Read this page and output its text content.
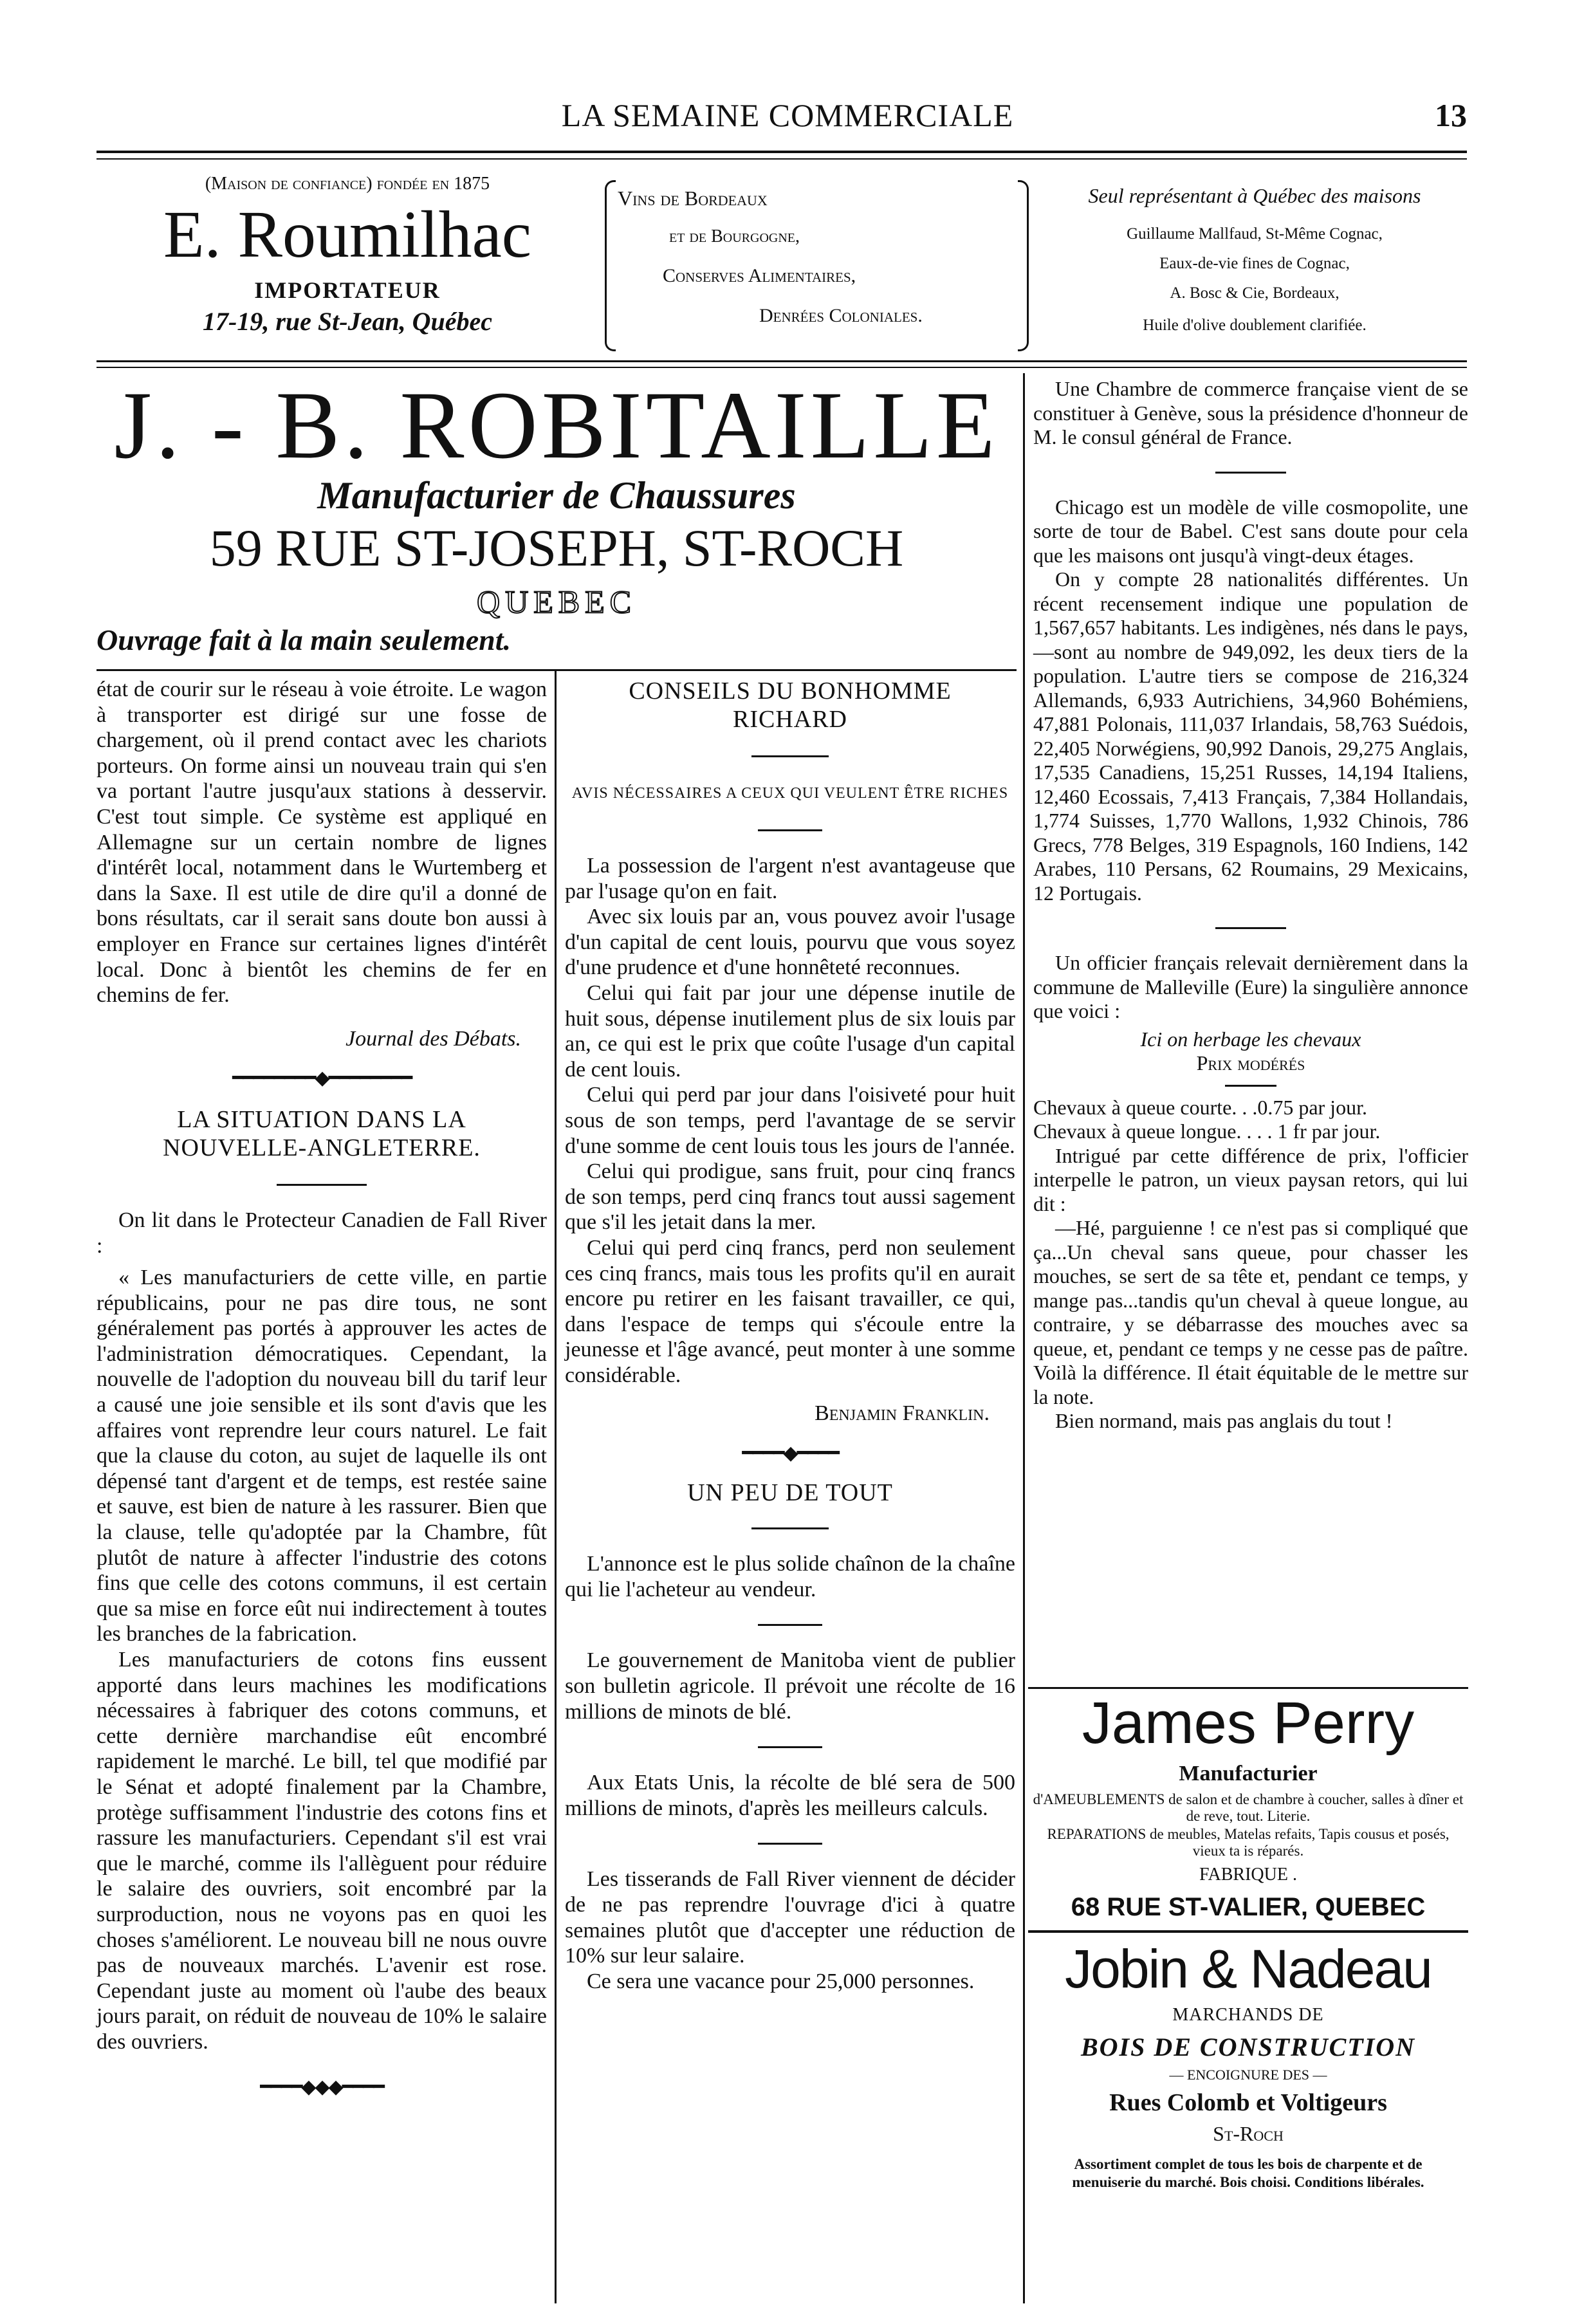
LA SEMAINE COMMERCIALE	13
(Maison de confiance) fondée en 1875
E. Roumilhac
IMPORTATEUR
17-19, rue St-Jean, Québec
Vins de Bordeaux
et de Bourgogne,
Conserves Alimentaires,
Denrées Coloniales.
Seul représentant à Québec des maisons
Guillaume Mallfaud, St-Même Cognac,
Eaux-de-vie fines de Cognac,
A. Bosc & Cie, Bordeaux,
Huile d'olive doublement clarifiée.
J. - B. ROBITAILLE
Manufacturier de Chaussures
59 RUE ST-JOSEPH, ST-ROCH
QUEBEC
Ouvrage fait à la main seulement.

état de courir sur le réseau à voie étroite. Le wagon à transporter est dirigé sur une fosse de chargement, où il prend contact avec les chariots porteurs. On forme ainsi un nouveau train qui s'en va portant l'autre jusqu'aux stations à desservir. C'est tout simple. Ce système est appliqué en Allemagne sur un certain nombre de lignes d'intérêt local, notamment dans le Wurtemberg et dans la Saxe. Il est utile de dire qu'il a donné de bons résultats, car il serait sans doute bon aussi à employer en France sur certaines lignes d'intérêt local. Donc à bientôt les chemins de fer en chemins de fer.

Journal des Débats.

━━━━━━━━◆━━━━━━━━

LA SITUATION DANS LA NOUVELLE-ANGLETERRE.

On lit dans le Protecteur Canadien de Fall River :

« Les manufacturiers de cette ville, en partie républicains, pour ne pas dire tous, ne sont généralement pas portés à approuver les actes de l'administration démocratiques. Cependant, la nouvelle de l'adoption du nouveau bill du tarif leur a causé une joie sensible et ils sont d'avis que les affaires vont reprendre leur cours naturel. Le fait que la clause du coton, au sujet de laquelle ils ont dépensé tant d'argent et de temps, est restée saine et sauve, est bien de nature à les rassurer. Bien que la clause, telle qu'adoptée par la Chambre, fût plutôt de nature à affecter l'industrie des cotons fins que celle des cotons communs, il est certain que sa mise en force eût nui indirectement à toutes les branches de la fabrication.

Les manufacturiers de cotons fins eussent apporté dans leurs machines les modifications nécessaires à fabriquer des cotons communs, et cette dernière marchandise eût encombré rapidement le marché. Le bill, tel que modifié par le Sénat et adopté finalement par la Chambre, protège suffisamment l'industrie des cotons fins et rassure les manufacturiers. Cependant s'il est vrai que le marché, comme ils l'allèguent pour réduire le salaire des ouvriers, soit encombré par la surproduction, nous ne voyons pas en quoi les choses s'améliorent. Le nouveau bill ne nous ouvre pas de nouveaux marchés. L'avenir est rose. Cependant juste au moment où l'aube des beaux jours parait, on réduit de nouveau de 10% le salaire des ouvriers.

━━━━◆◆◆━━━━

CONSEILS DU BONHOMME RICHARD

AVIS NÉCESSAIRES A CEUX QUI VEULENT ÊTRE RICHES

La possession de l'argent n'est avantageuse que par l'usage qu'on en fait.

Avec six louis par an, vous pouvez avoir l'usage d'un capital de cent louis, pourvu que vous soyez d'une prudence et d'une honnêteté reconnues.

Celui qui fait par jour une dépense inutile de huit sous, dépense inutilement plus de six louis par an, ce qui est le prix que coûte l'usage d'un capital de cent louis.

Celui qui perd par jour dans l'oisiveté pour huit sous de son temps, perd l'avantage de se servir d'une somme de cent louis tous les jours de l'année.

Celui qui prodigue, sans fruit, pour cinq francs de son temps, perd cinq francs tout aussi sagement que s'il les jetait dans la mer.

Celui qui perd cinq francs, perd non seulement ces cinq francs, mais tous les profits qu'il en aurait encore pu retirer en les faisant travailler, ce qui, dans l'espace de temps qui s'écoule entre la jeunesse et l'âge avancé, peut monter à une somme considérable.

Benjamin Franklin.

━━━━◆━━━━

UN PEU DE TOUT

L'annonce est le plus solide chaînon de la chaîne qui lie l'acheteur au vendeur.

Le gouvernement de Manitoba vient de publier son bulletin agricole. Il prévoit une récolte de 16 millions de minots de blé.

Aux Etats Unis, la récolte de blé sera de 500 millions de minots, d'après les meilleurs calculs.

Les tisserands de Fall River viennent de décider de ne pas reprendre l'ouvrage d'ici à quatre semaines plutôt que d'accepter une réduction de 10% sur leur salaire.

Ce sera une vacance pour 25,000 personnes.

Une Chambre de commerce française vient de se constituer à Genève, sous la présidence d'honneur de M. le consul général de France.

Chicago est un modèle de ville cosmopolite, une sorte de tour de Babel. C'est sans doute pour cela que les maisons ont jusqu'à vingt-deux étages.

On y compte 28 nationalités différentes. Un récent recensement indique une population de 1,567,657 habitants. Les indigènes, nés dans le pays,—sont au nombre de 949,092, les deux tiers de la population. L'autre tiers se compose de 216,324 Allemands, 6,933 Autrichiens, 34,960 Bohémiens, 47,881 Polonais, 111,037 Irlandais, 58,763 Suédois, 22,405 Norwégiens, 90,992 Danois, 29,275 Anglais, 17,535 Canadiens, 15,251 Russes, 14,194 Italiens, 12,460 Ecossais, 7,413 Français, 7,384 Hollandais, 1,774 Suisses, 1,770 Wallons, 1,932 Chinois, 786 Grecs, 778 Belges, 319 Espagnols, 160 Indiens, 142 Arabes, 110 Persans, 62 Roumains, 29 Mexicains, 12 Portugais.

Un officier français relevait dernièrement dans la commune de Malleville (Eure) la singulière annonce que voici :

Ici on herbage les chevaux

Prix modérés

Chevaux à queue courte. . .0.75 par jour.

Chevaux à queue longue. . . . 1 fr par jour.

Intrigué par cette différence de prix, l'officier interpelle le patron, un vieux paysan retors, qui lui dit :

—Hé, parguienne ! ce n'est pas si compliqué que ça...Un cheval sans queue, pour chasser les mouches, se sert de sa tête et, pendant ce temps, y mange pas...tandis qu'un cheval à queue longue, au contraire, y se débarrasse des mouches avec sa queue, et, pendant ce temps y ne cesse pas de paître. Voilà la différence. Il était équitable de le mettre sur la note.

Bien normand, mais pas anglais du tout !

James Perry
Manufacturier
d'AMEUBLEMENTS de salon et de chambre à coucher, salles à dîner et de reve, tout. Literie.
REPARATIONS de meubles, Matelas refaits, Tapis cousus et posés, vieux ta is réparés.
FABRIQUE .
68 RUE ST-VALIER, QUEBEC
Jobin & Nadeau
MARCHANDS DE
BOIS DE CONSTRUCTION
— ENCOIGNURE DES —
Rues Colomb et Voltigeurs
St-Roch
Assortiment complet de tous les bois de charpente et de menuiserie du marché. Bois choisi. Conditions libérales.
